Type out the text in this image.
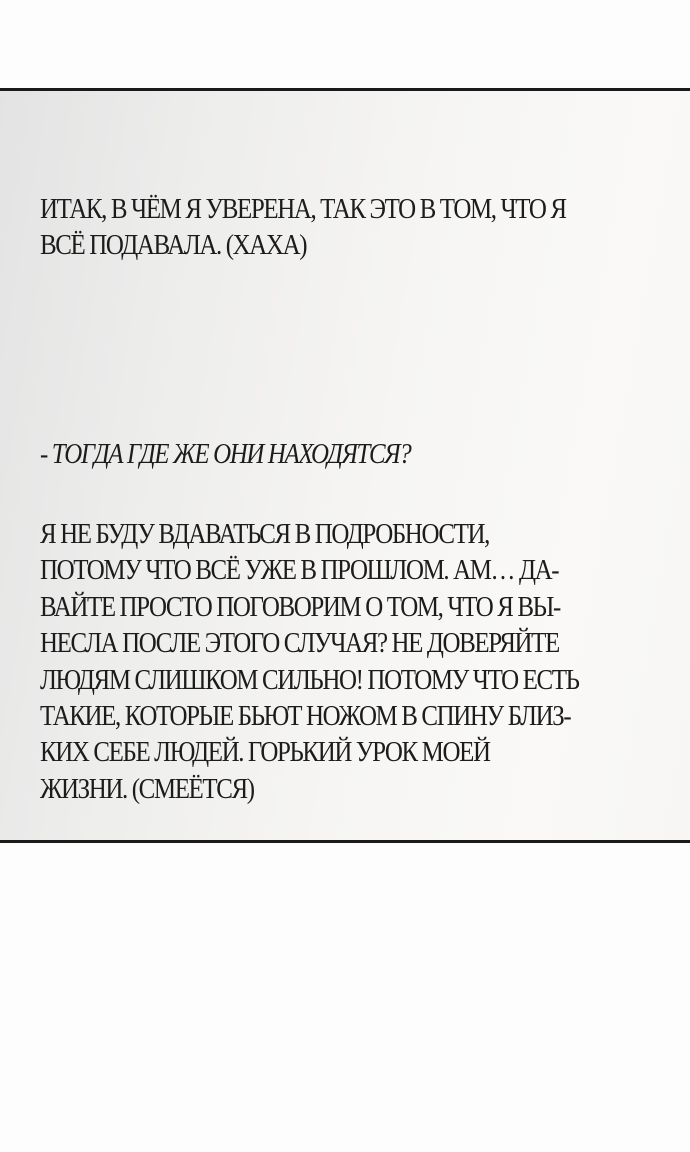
ИТАК, В ЧЁМ Я УВЕРЕНА, ТАК ЭТО В ТОМ, ЧТО Я
ВСЁ ПОДАВАЛА. (ХАХА)
- ТОГДА ГДЕ ЖЕ ОНИ НАХОДЯТСЯ?
Я НЕ БУДУ ВДАВАТЬСЯ В ПОДРОБНОСТИ,
ПОТОМУ ЧТО ВСЁ УЖЕ В ПРОШЛОМ. АМ… ДА-
ВАЙТЕ ПРОСТО ПОГОВОРИМ О ТОМ, ЧТО Я ВЫ-
НЕСЛА ПОСЛЕ ЭТОГО СЛУЧАЯ? НЕ ДОВЕРЯЙТЕ
ЛЮДЯМ СЛИШКОМ СИЛЬНО! ПОТОМУ ЧТО ЕСТЬ
ТАКИЕ, КОТОРЫЕ БЬЮТ НОЖОМ В СПИНУ БЛИЗ-
КИХ СЕБЕ ЛЮДЕЙ. ГОРЬКИЙ УРОК МОЕЙ
ЖИЗНИ. (СМЕЁТСЯ)
